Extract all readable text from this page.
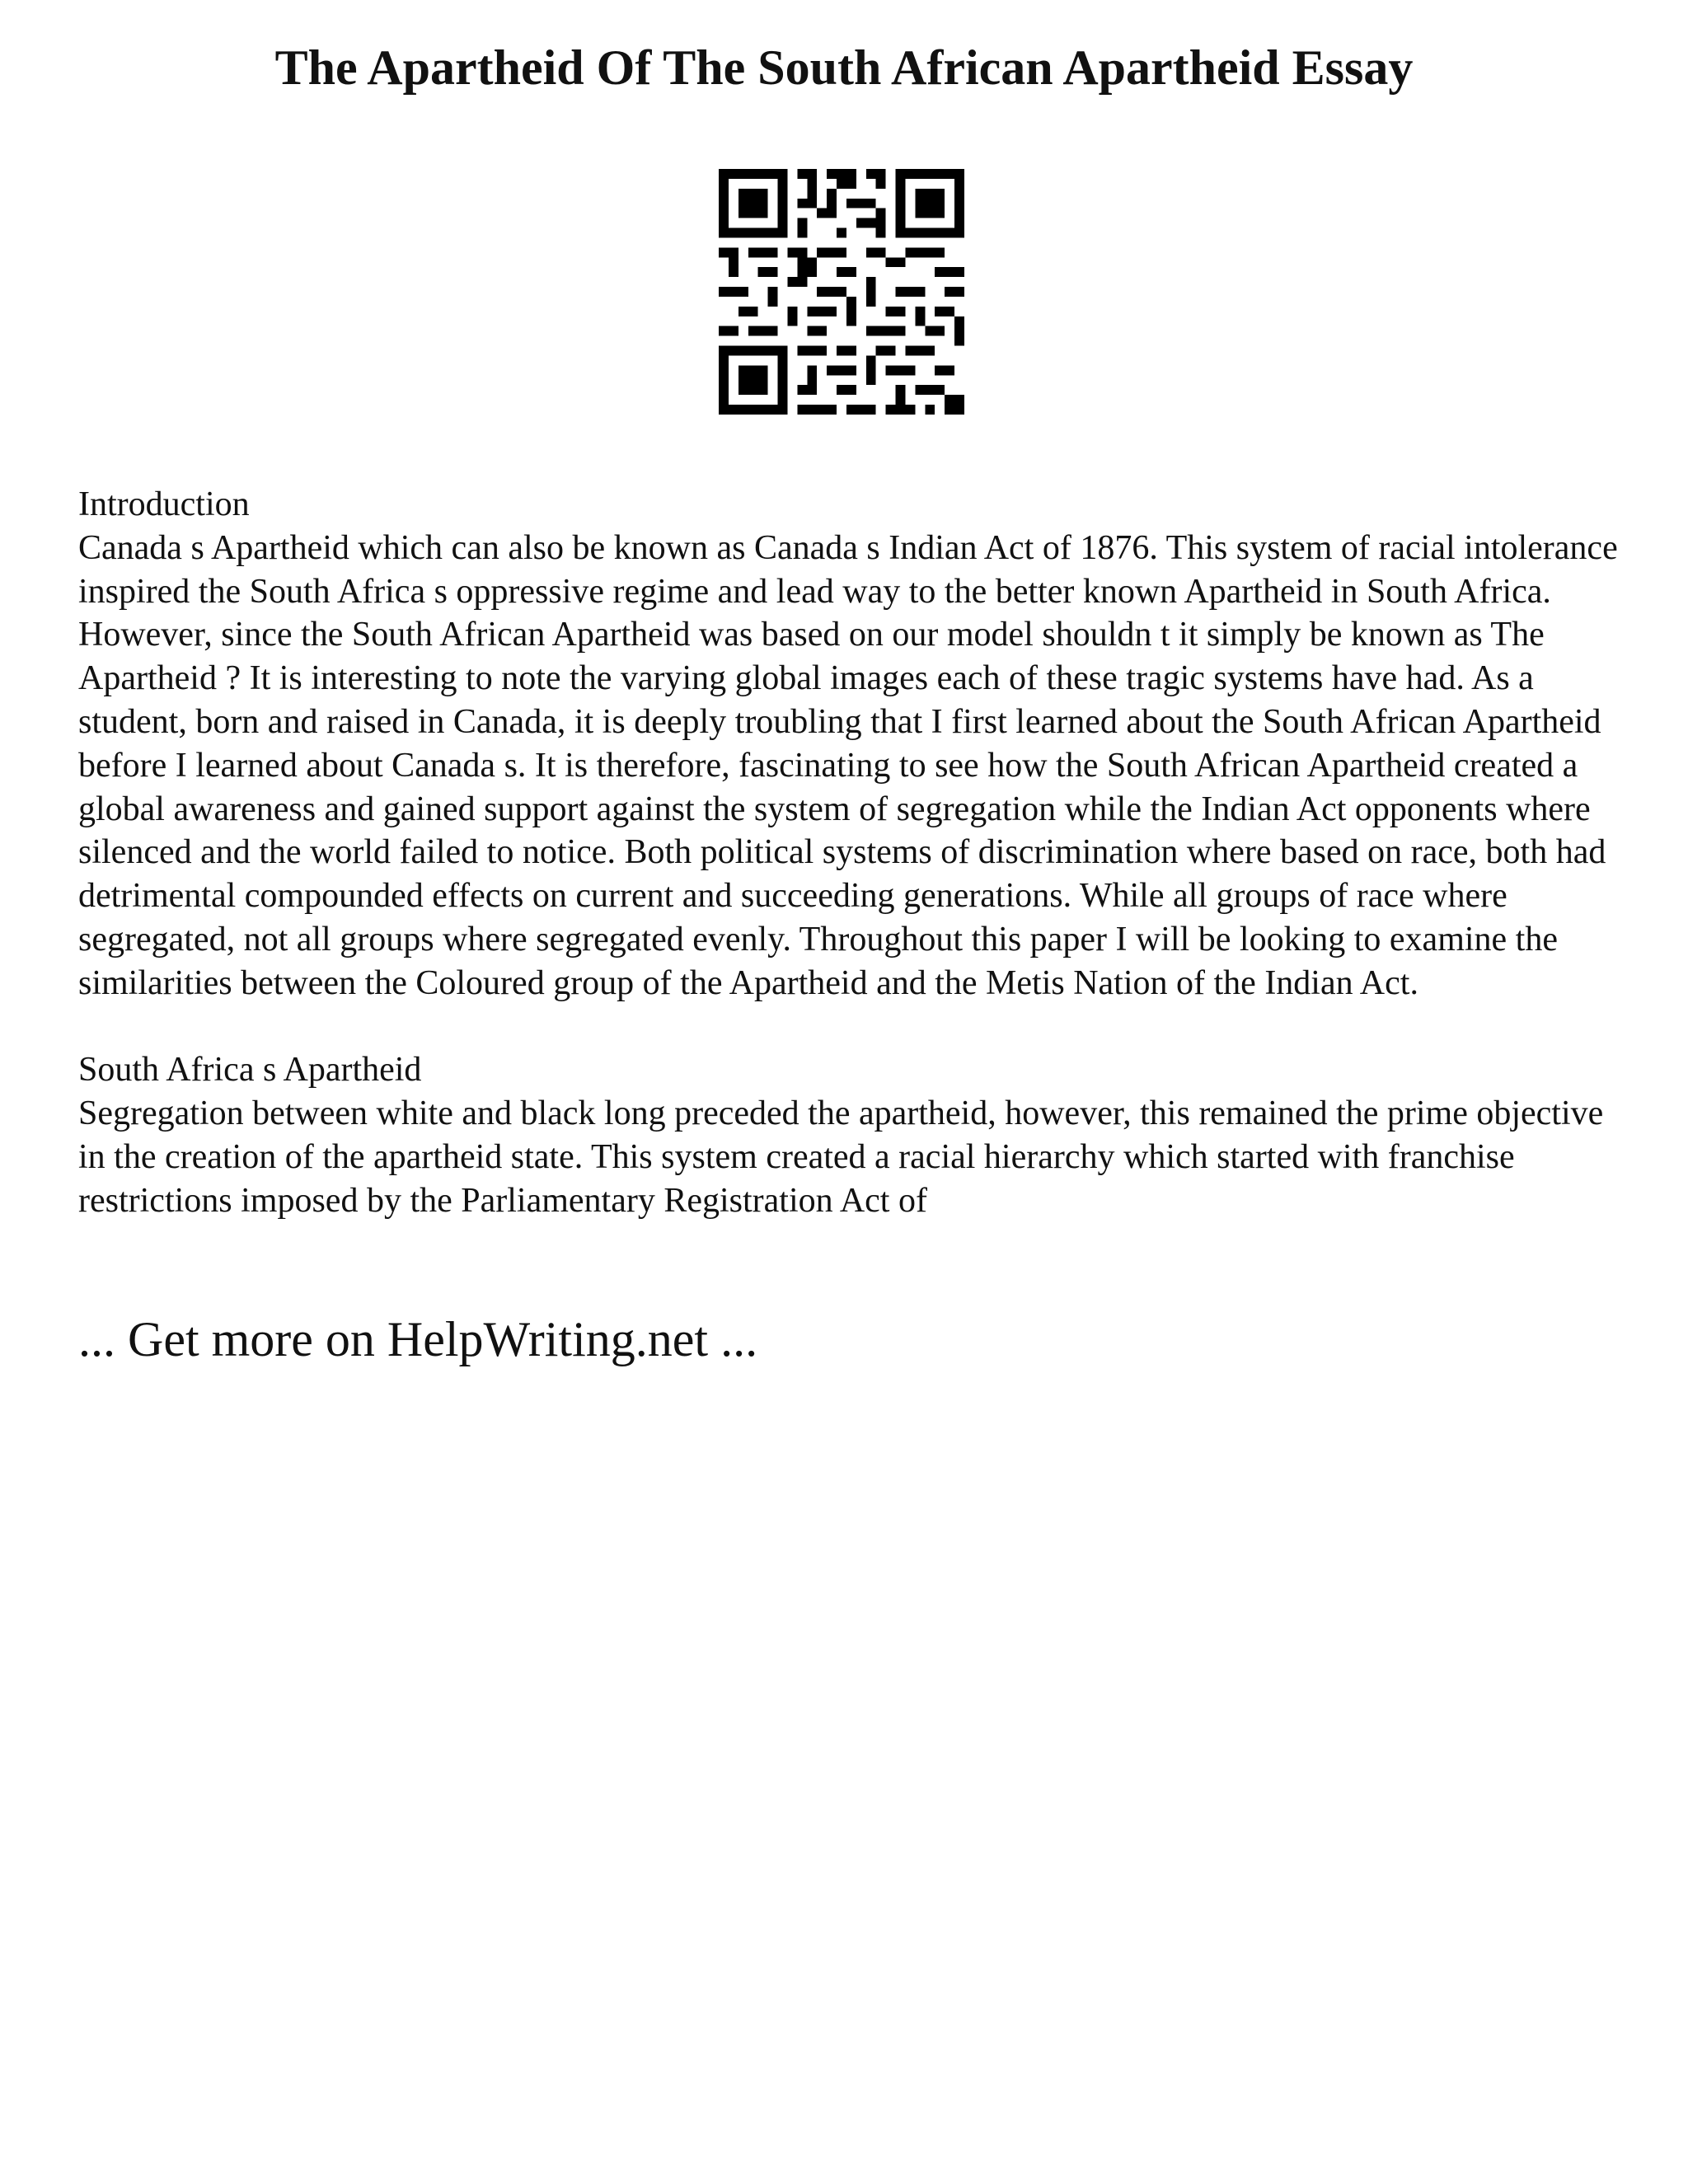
The Apartheid Of The South African Apartheid Essay

Introduction

Canada s Apartheid which can also be known as Canada s Indian Act of 1876. This system of racial intolerance inspired the South Africa s oppressive regime and lead way to the better known Apartheid in South Africa. However, since the South African Apartheid was based on our model shouldn t it simply be known as The Apartheid ? It is interesting to note the varying global images each of these tragic systems have had. As a student, born and raised in Canada, it is deeply troubling that I first learned about the South African Apartheid before I learned about Canada s. It is therefore, fascinating to see how the South African Apartheid created a global awareness and gained support against the system of segregation while the Indian Act opponents where silenced and the world failed to notice. Both political systems of discrimination where based on race, both had detrimental compounded effects on current and succeeding generations. While all groups of race where segregated, not all groups where segregated evenly. Throughout this paper I will be looking to examine the similarities between the Coloured group of the Apartheid and the Metis Nation of the Indian Act.

South Africa s Apartheid

Segregation between white and black long preceded the apartheid, however, this remained the prime objective in the creation of the apartheid state. This system created a racial hierarchy which started with franchise restrictions imposed by the Parliamentary Registration Act of

... Get more on HelpWriting.net ...
